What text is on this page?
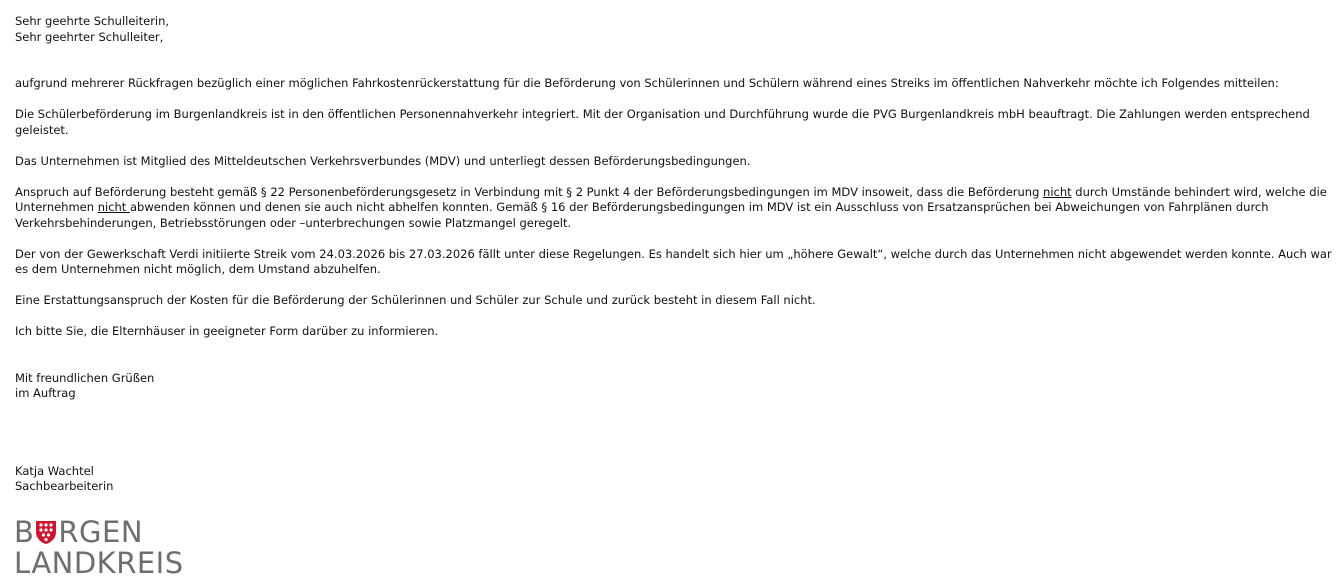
Sehr geehrte Schulleiterin,

Sehr geehrter Schulleiter,

aufgrund mehrerer Rückfragen bezüglich einer möglichen Fahrkostenrückerstattung für die Beförderung von Schülerinnen und Schülern während eines Streiks im öffentlichen Nahverkehr möchte ich Folgendes mitteilen:

Die Schülerbeförderung im Burgenlandkreis ist in den öffentlichen Personennahverkehr integriert. Mit der Organisation und Durchführung wurde die PVG Burgenlandkreis mbH beauftragt. Die Zahlungen werden entsprechend geleistet.

Das Unternehmen ist Mitglied des Mitteldeutschen Verkehrsverbundes (MDV) und unterliegt dessen Beförderungsbedingungen.

Anspruch auf Beförderung besteht gemäß § 22 Personenbeförderungsgesetz in Verbindung mit § 2 Punkt 4 der Beförderungsbedingungen im MDV insoweit, dass die Beförderung nicht durch Umstände behindert wird, welche die Unternehmen nicht abwenden können und denen sie auch nicht abhelfen konnten. Gemäß § 16 der Beförderungsbedingungen im MDV ist ein Ausschluss von Ersatzansprüchen bei Abweichungen von Fahrplänen durch Verkehrsbehinderungen, Betriebsstörungen oder –unterbrechungen sowie Platzmangel geregelt.

Der von der Gewerkschaft Verdi initiierte Streik vom 24.03.2026 bis 27.03.2026 fällt unter diese Regelungen. Es handelt sich hier um „höhere Gewalt“, welche durch das Unternehmen nicht abgewendet werden konnte. Auch war es dem Unternehmen nicht möglich, dem Umstand abzuhelfen.

Eine Erstattungsanspruch der Kosten für die Beförderung der Schülerinnen und Schüler zur Schule und zurück besteht in diesem Fall nicht.

Ich bitte Sie, die Elternhäuser in geeigneter Form darüber zu informieren.

Mit freundlichen Grüßen

im Auftrag

Katja Wachtel

Sachbearbeiterin

B RGEN
LANDKREIS
